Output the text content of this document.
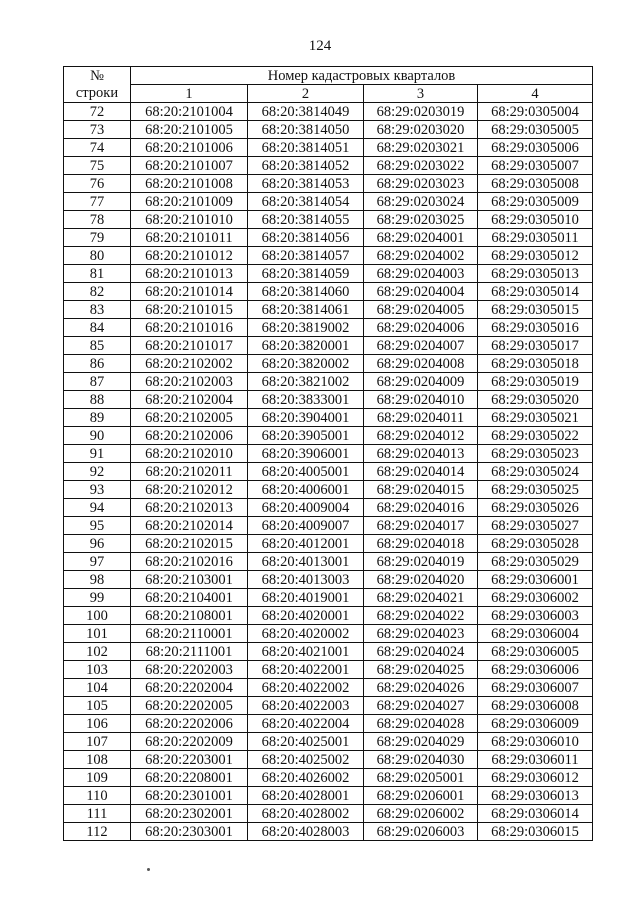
124
№	Номер кадастровых кварталов			
строки	1	2	3	4
72	68:20:2101004	68:20:3814049	68:29:0203019	68:29:0305004
73	68:20:2101005	68:20:3814050	68:29:0203020	68:29:0305005
74	68:20:2101006	68:20:3814051	68:29:0203021	68:29:0305006
75	68:20:2101007	68:20:3814052	68:29:0203022	68:29:0305007
76	68:20:2101008	68:20:3814053	68:29:0203023	68:29:0305008
77	68:20:2101009	68:20:3814054	68:29:0203024	68:29:0305009
78	68:20:2101010	68:20:3814055	68:29:0203025	68:29:0305010
79	68:20:2101011	68:20:3814056	68:29:0204001	68:29:0305011
80	68:20:2101012	68:20:3814057	68:29:0204002	68:29:0305012
81	68:20:2101013	68:20:3814059	68:29:0204003	68:29:0305013
82	68:20:2101014	68:20:3814060	68:29:0204004	68:29:0305014
83	68:20:2101015	68:20:3814061	68:29:0204005	68:29:0305015
84	68:20:2101016	68:20:3819002	68:29:0204006	68:29:0305016
85	68:20:2101017	68:20:3820001	68:29:0204007	68:29:0305017
86	68:20:2102002	68:20:3820002	68:29:0204008	68:29:0305018
87	68:20:2102003	68:20:3821002	68:29:0204009	68:29:0305019
88	68:20:2102004	68:20:3833001	68:29:0204010	68:29:0305020
89	68:20:2102005	68:20:3904001	68:29:0204011	68:29:0305021
90	68:20:2102006	68:20:3905001	68:29:0204012	68:29:0305022
91	68:20:2102010	68:20:3906001	68:29:0204013	68:29:0305023
92	68:20:2102011	68:20:4005001	68:29:0204014	68:29:0305024
93	68:20:2102012	68:20:4006001	68:29:0204015	68:29:0305025
94	68:20:2102013	68:20:4009004	68:29:0204016	68:29:0305026
95	68:20:2102014	68:20:4009007	68:29:0204017	68:29:0305027
96	68:20:2102015	68:20:4012001	68:29:0204018	68:29:0305028
97	68:20:2102016	68:20:4013001	68:29:0204019	68:29:0305029
98	68:20:2103001	68:20:4013003	68:29:0204020	68:29:0306001
99	68:20:2104001	68:20:4019001	68:29:0204021	68:29:0306002
100	68:20:2108001	68:20:4020001	68:29:0204022	68:29:0306003
101	68:20:2110001	68:20:4020002	68:29:0204023	68:29:0306004
102	68:20:2111001	68:20:4021001	68:29:0204024	68:29:0306005
103	68:20:2202003	68:20:4022001	68:29:0204025	68:29:0306006
104	68:20:2202004	68:20:4022002	68:29:0204026	68:29:0306007
105	68:20:2202005	68:20:4022003	68:29:0204027	68:29:0306008
106	68:20:2202006	68:20:4022004	68:29:0204028	68:29:0306009
107	68:20:2202009	68:20:4025001	68:29:0204029	68:29:0306010
108	68:20:2203001	68:20:4025002	68:29:0204030	68:29:0306011
109	68:20:2208001	68:20:4026002	68:29:0205001	68:29:0306012
110	68:20:2301001	68:20:4028001	68:29:0206001	68:29:0306013
111	68:20:2302001	68:20:4028002	68:29:0206002	68:29:0306014
112	68:20:2303001	68:20:4028003	68:29:0206003	68:29:0306015
